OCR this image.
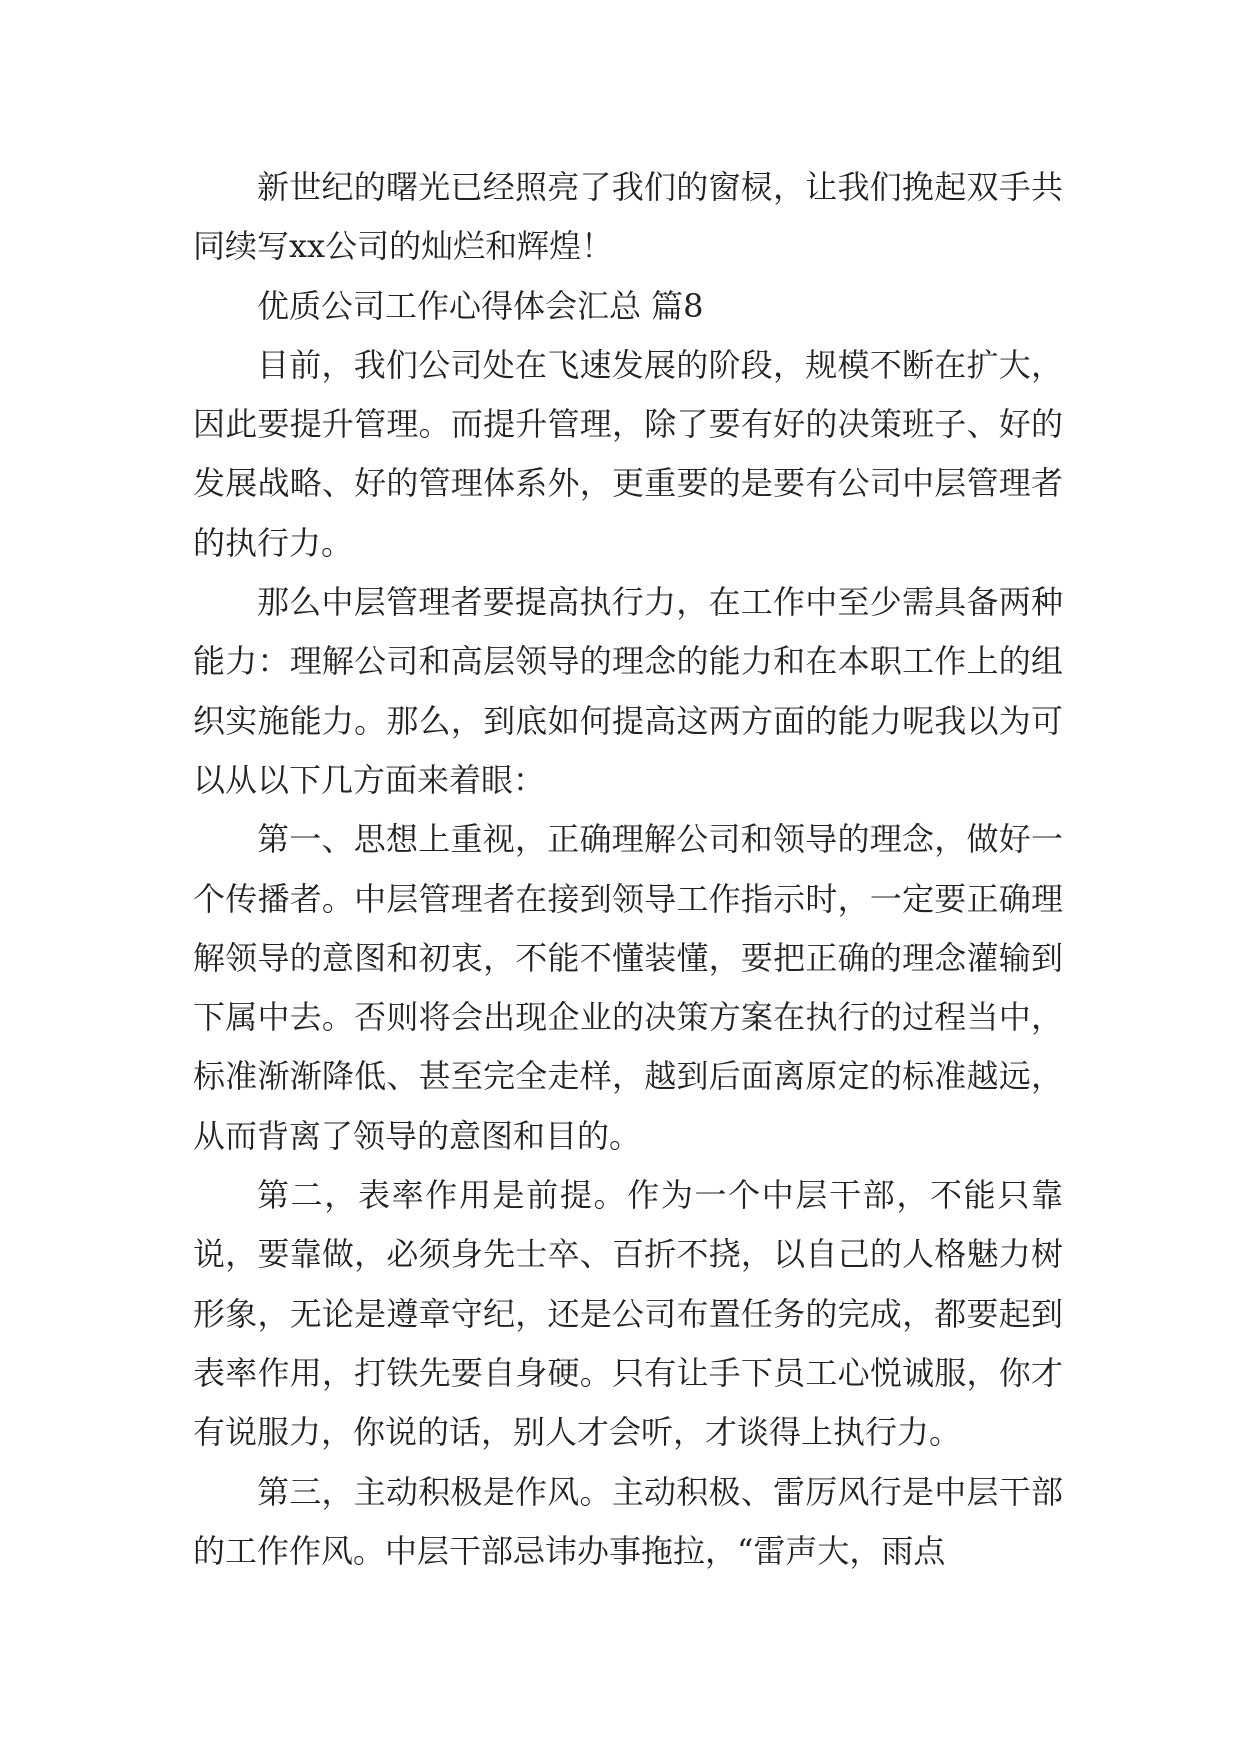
新世纪的曙光已经照亮了我们的窗棂，让我们挽起双手共同续写xx公司的灿烂和辉煌！

优质公司工作心得体会汇总 篇8

目前，我们公司处在飞速发展的阶段，规模不断在扩大，因此要提升管理。而提升管理，除了要有好的决策班子、好的发展战略、好的管理体系外，更重要的是要有公司中层管理者的执行力。

那么中层管理者要提高执行力，在工作中至少需具备两种能力：理解公司和高层领导的理念的能力和在本职工作上的组织实施能力。那么，到底如何提高这两方面的能力呢我以为可以从以下几方面来着眼：

第一、思想上重视，正确理解公司和领导的理念，做好一个传播者。中层管理者在接到领导工作指示时，一定要正确理解领导的意图和初衷，不能不懂装懂，要把正确的理念灌输到下属中去。否则将会出现企业的决策方案在执行的过程当中，标准渐渐降低、甚至完全走样，越到后面离原定的标准越远，从而背离了领导的意图和目的。

第二，表率作用是前提。作为一个中层干部，不能只靠说，要靠做，必须身先士卒、百折不挠，以自己的人格魅力树形象，无论是遵章守纪，还是公司布置任务的完成，都要起到表率作用，打铁先要自身硬。只有让手下员工心悦诚服，你才有说服力，你说的话，别人才会听，才谈得上执行力。

第三，主动积极是作风。主动积极、雷厉风行是中层干部的工作作风。中层干部忌讳办事拖拉，“雷声大，雨点
